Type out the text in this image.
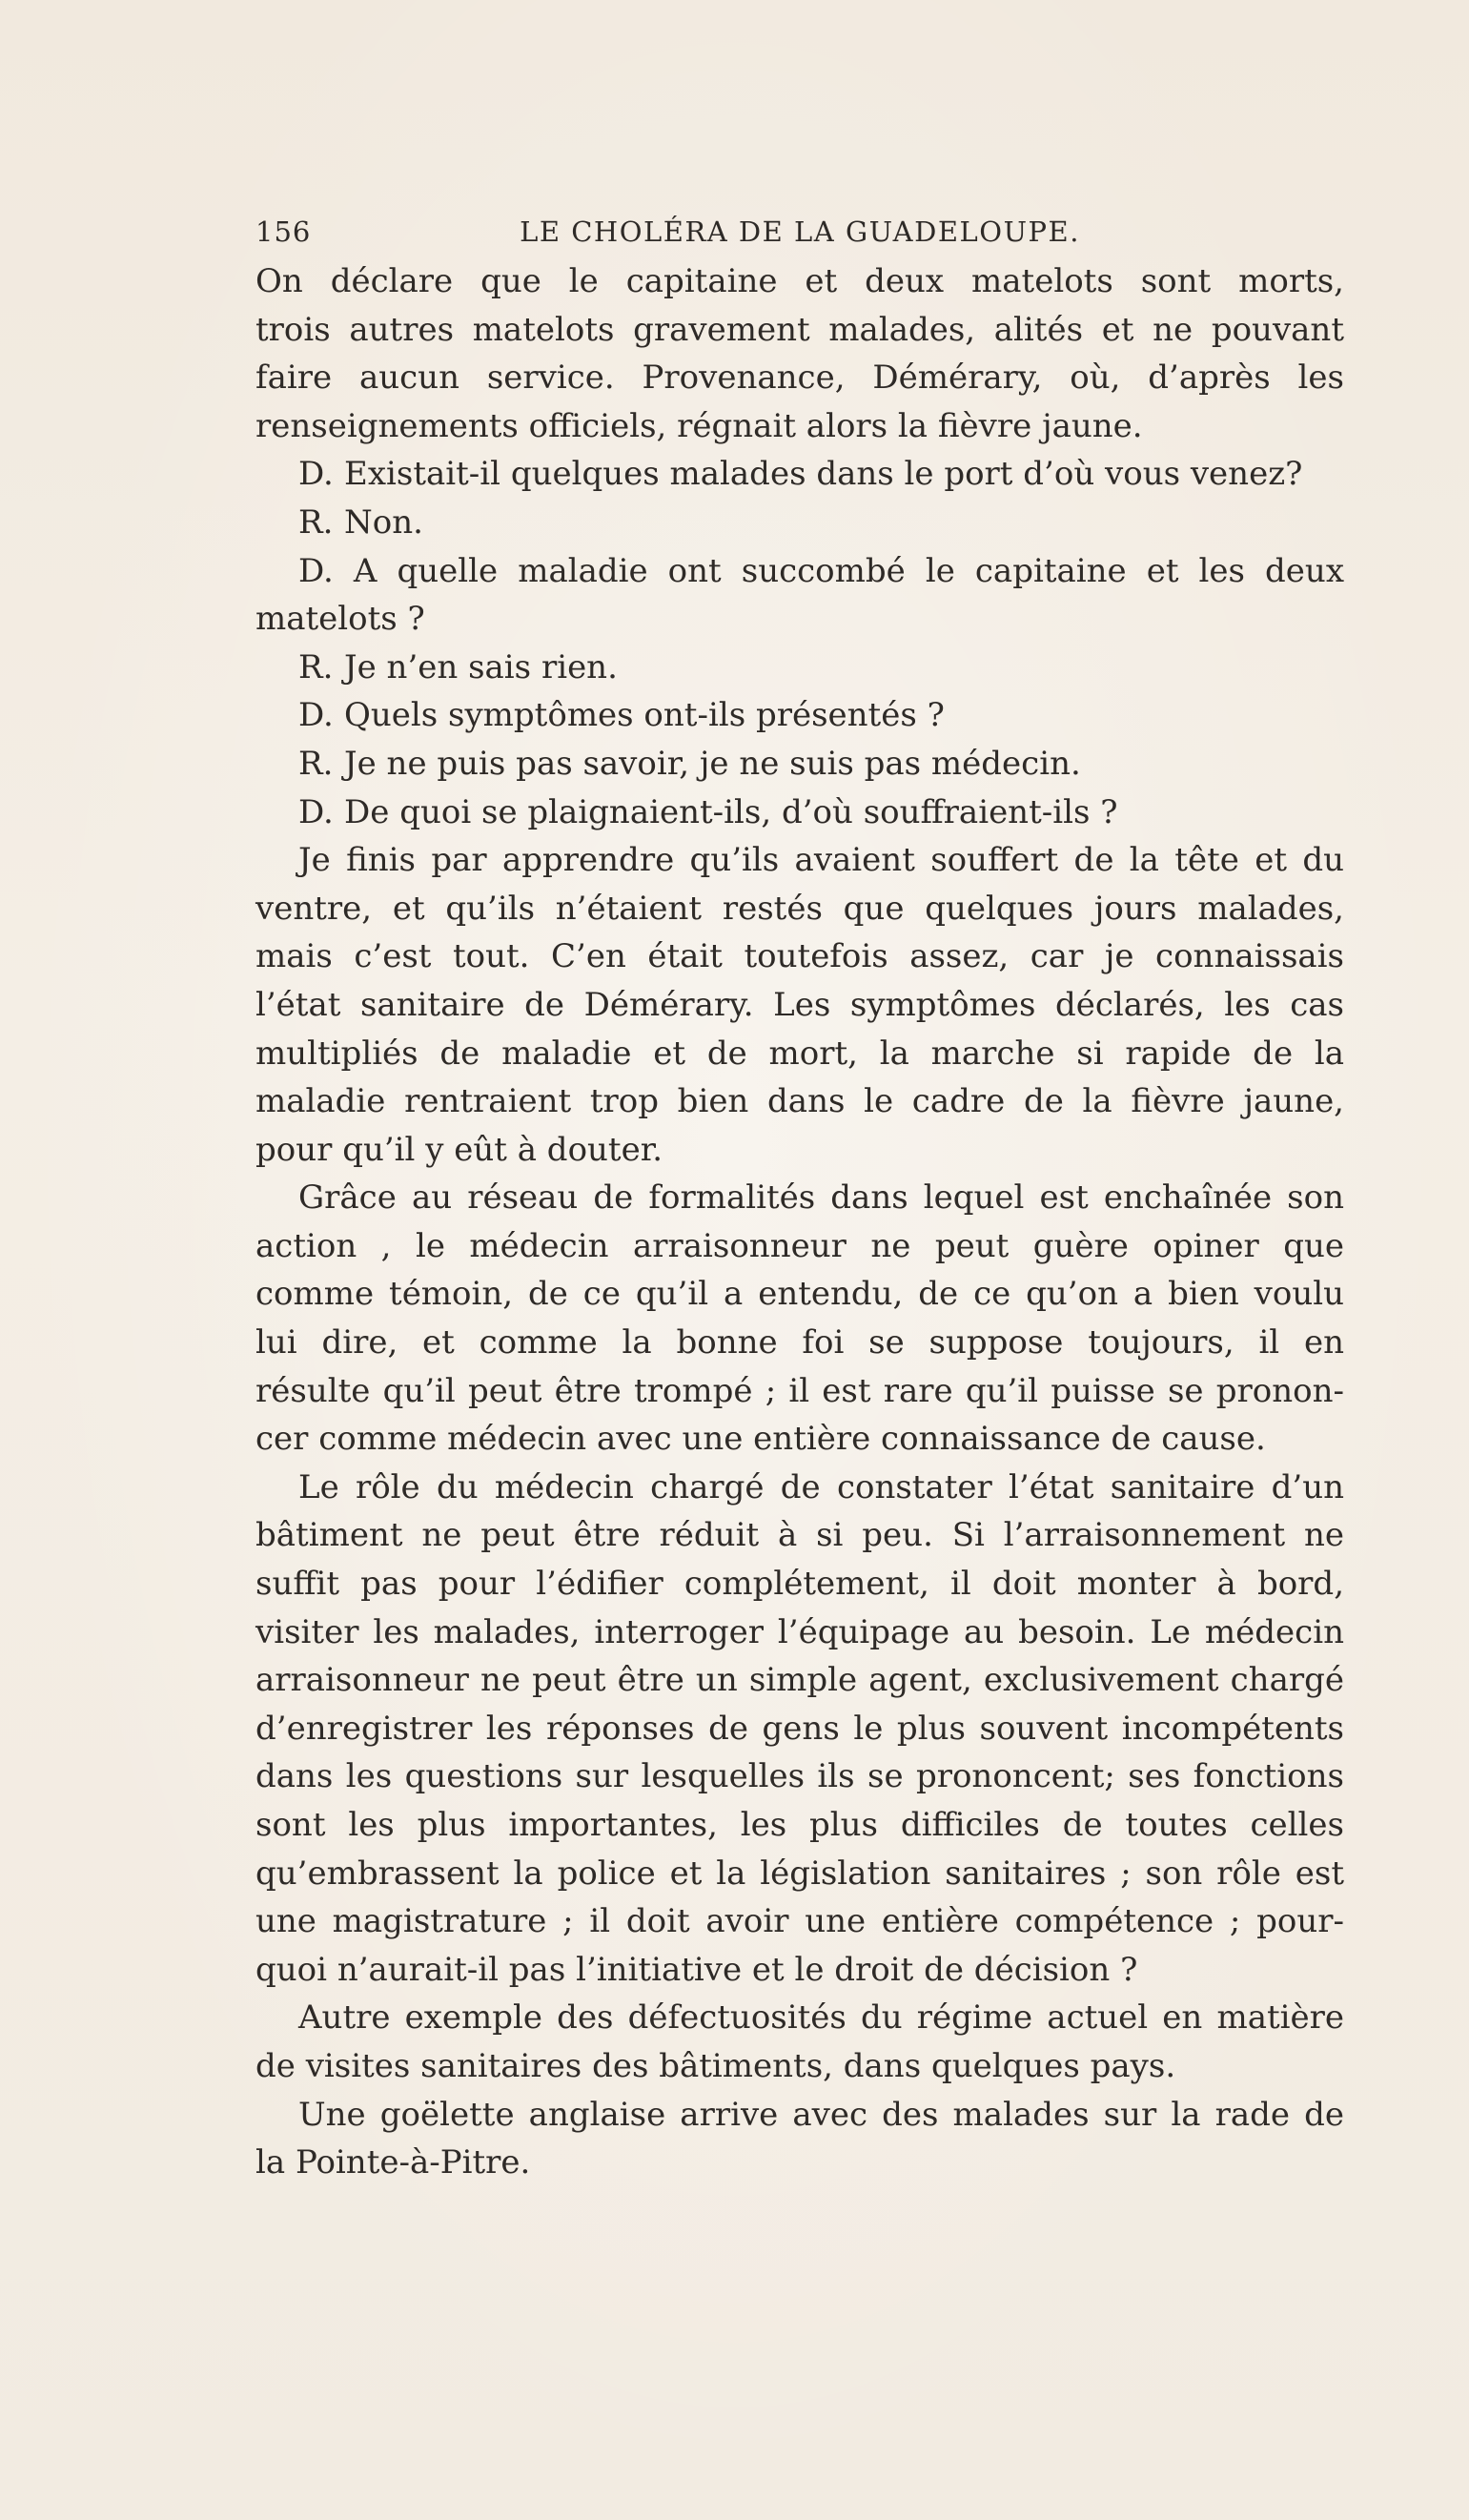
156	LE CHOLÉRA DE LA GUADELOUPE.

On déclare que le capitaine et deux matelots sont morts,
trois autres matelots gravement malades, alités et ne pouvant
faire aucun service. Provenance, Démérary, où, d’après les
renseignements officiels, régnait alors la fièvre jaune.

D. Existait-il quelques malades dans le port d’où vous venez?

R. Non.

D. A quelle maladie ont succombé le capitaine et les deux
matelots ?

R. Je n’en sais rien.

D. Quels symptômes ont-ils présentés ?

R. Je ne puis pas savoir, je ne suis pas médecin.

D. De quoi se plaignaient-ils, d’où souffraient-ils ?

Je finis par apprendre qu’ils avaient souffert de la tête et du
ventre, et qu’ils n’étaient restés que quelques jours malades,
mais c’est tout. C’en était toutefois assez, car je connaissais
l’état sanitaire de Démérary. Les symptômes déclarés, les cas
multipliés de maladie et de mort, la marche si rapide de la
maladie rentraient trop bien dans le cadre de la fièvre jaune,
pour qu’il y eût à douter.

Grâce au réseau de formalités dans lequel est enchaînée son
action , le médecin arraisonneur ne peut guère opiner que
comme témoin, de ce qu’il a entendu, de ce qu’on a bien voulu
lui dire, et comme la bonne foi se suppose toujours, il en
résulte qu’il peut être trompé ; il est rare qu’il puisse se pronon-
cer comme médecin avec une entière connaissance de cause.

Le rôle du médecin chargé de constater l’état sanitaire d’un
bâtiment ne peut être réduit à si peu. Si l’arraisonnement ne
suffit pas pour l’édifier complétement, il doit monter à bord,
visiter les malades, interroger l’équipage au besoin. Le médecin
arraisonneur ne peut être un simple agent, exclusivement chargé
d’enregistrer les réponses de gens le plus souvent incompétents
dans les questions sur lesquelles ils se prononcent; ses fonctions
sont les plus importantes, les plus difficiles de toutes celles
qu’embrassent la police et la législation sanitaires ; son rôle est
une magistrature ; il doit avoir une entière compétence ; pour-
quoi n’aurait-il pas l’initiative et le droit de décision ?

Autre exemple des défectuosités du régime actuel en matière
de visites sanitaires des bâtiments, dans quelques pays.

Une goëlette anglaise arrive avec des malades sur la rade de
la Pointe-à-Pitre.
